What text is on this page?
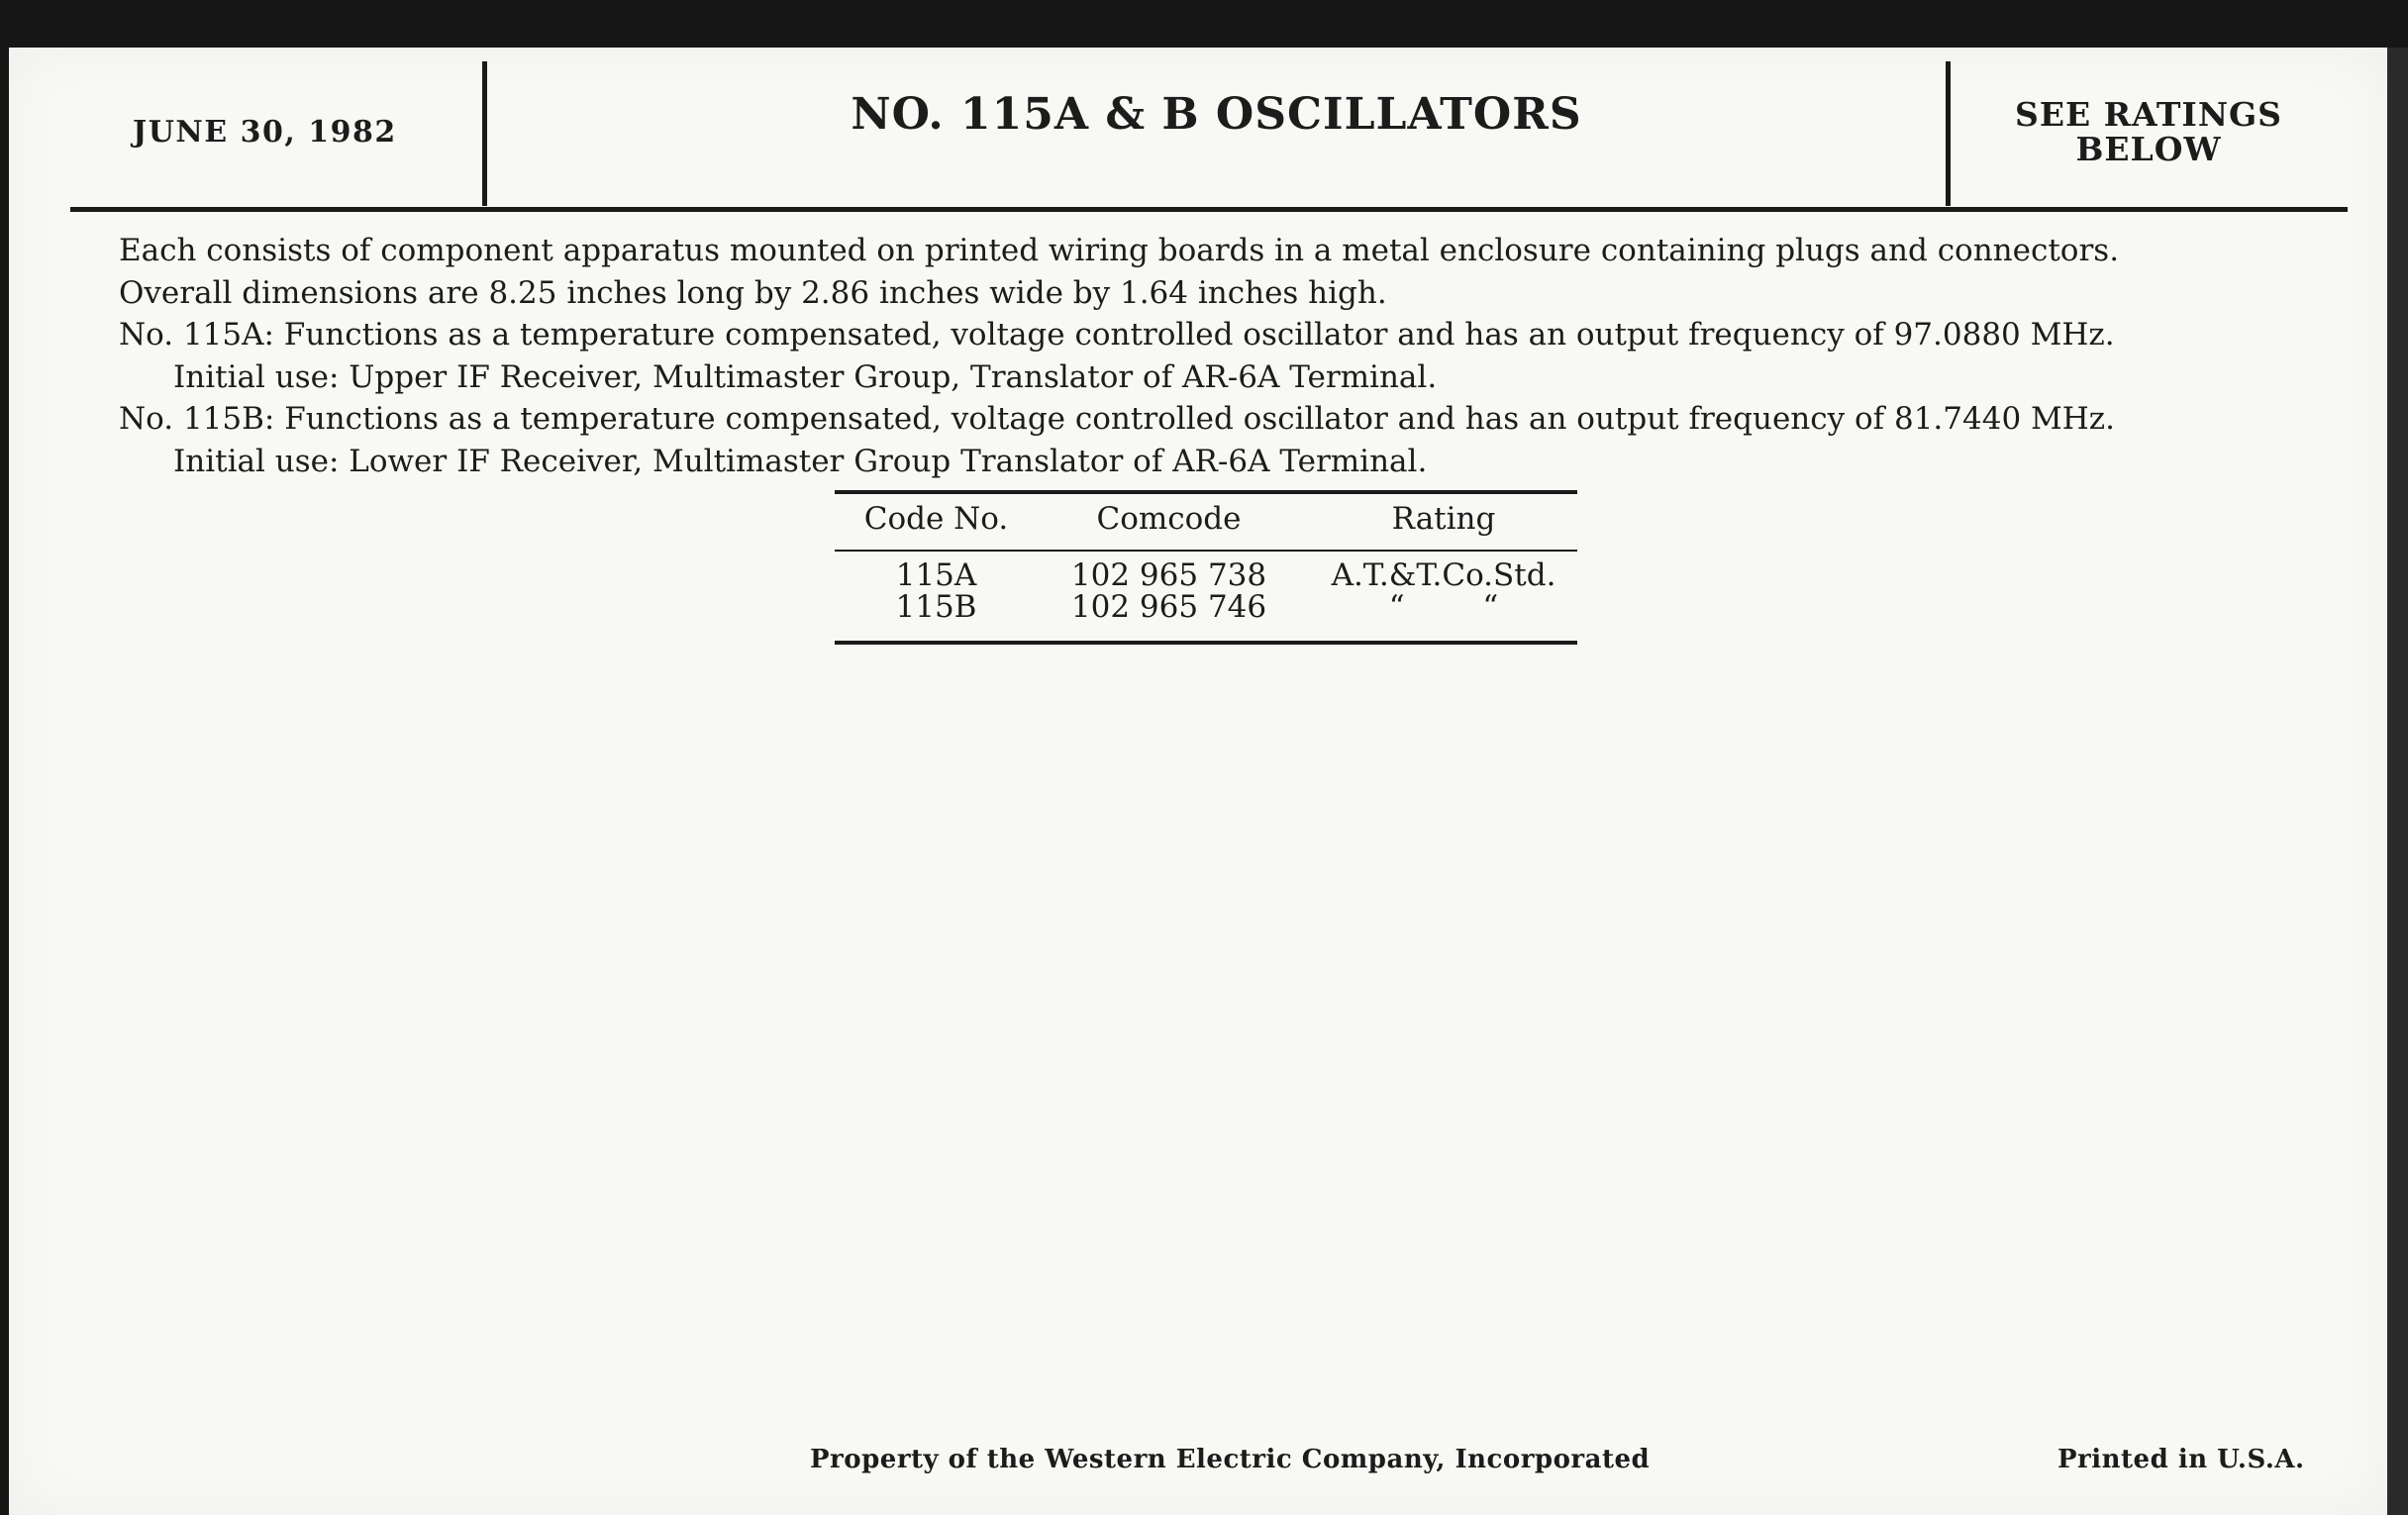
JUNE 30, 1982	NO. 115A & B OSCILLATORS	SEE RATINGS
BELOW
Each consists of component apparatus mounted on printed wiring boards in a metal enclosure containing plugs and connectors.
Overall dimensions are 8.25 inches long by 2.86 inches wide by 1.64 inches high.
No. 115A: Functions as a temperature compensated, voltage controlled oscillator and has an output frequency of 97.0880 MHz.
Initial use: Upper IF Receiver, Multimaster Group, Translator of AR-6A Terminal.
No. 115B: Functions as a temperature compensated, voltage controlled oscillator and has an output frequency of 81.7440 MHz.
Initial use: Lower IF Receiver, Multimaster Group Translator of AR-6A Terminal.
Code No.	Comcode	Rating
115A	102 965 738	A.T.&T.Co.Std.
115B	102 965 746	“        “
Property of the Western Electric Company, Incorporated	Printed in U.S.A.
